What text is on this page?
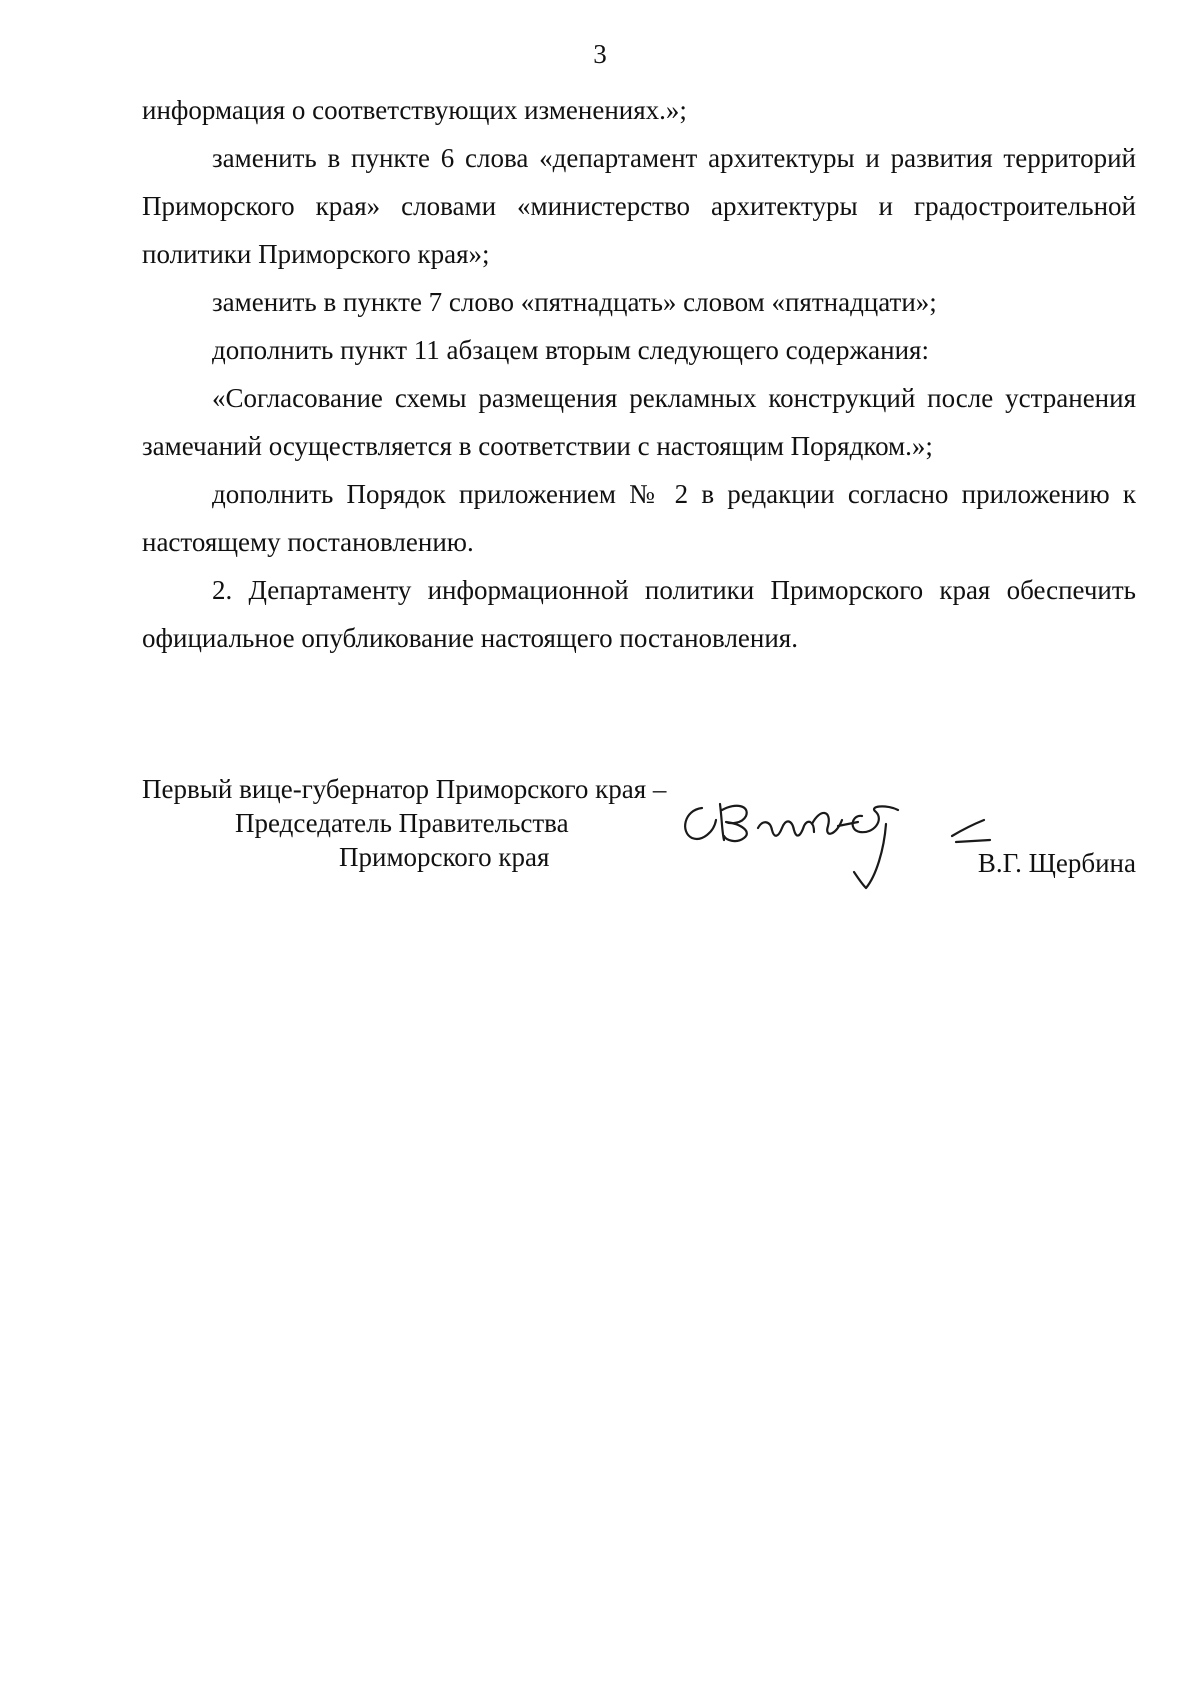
3

информация о соответствующих изменениях.»;

заменить в пункте 6 слова «департамент архитектуры и развития территорий Приморского края» словами «министерство архитектуры и градостроительной политики Приморского края»;

заменить в пункте 7 слово «пятнадцать» словом «пятнадцати»;

дополнить пункт 11 абзацем вторым следующего содержания:

«Согласование схемы размещения рекламных конструкций после устранения замечаний осуществляется в соответствии с настоящим Порядком.»;

дополнить Порядок приложением № 2 в редакции согласно приложению к настоящему постановлению.

2. Департаменту информационной политики Приморского края обеспечить официальное опубликование настоящего постановления.

Первый вице-губернатор Приморского края –
Председатель Правительства
Приморского края	В.Г. Щербина
